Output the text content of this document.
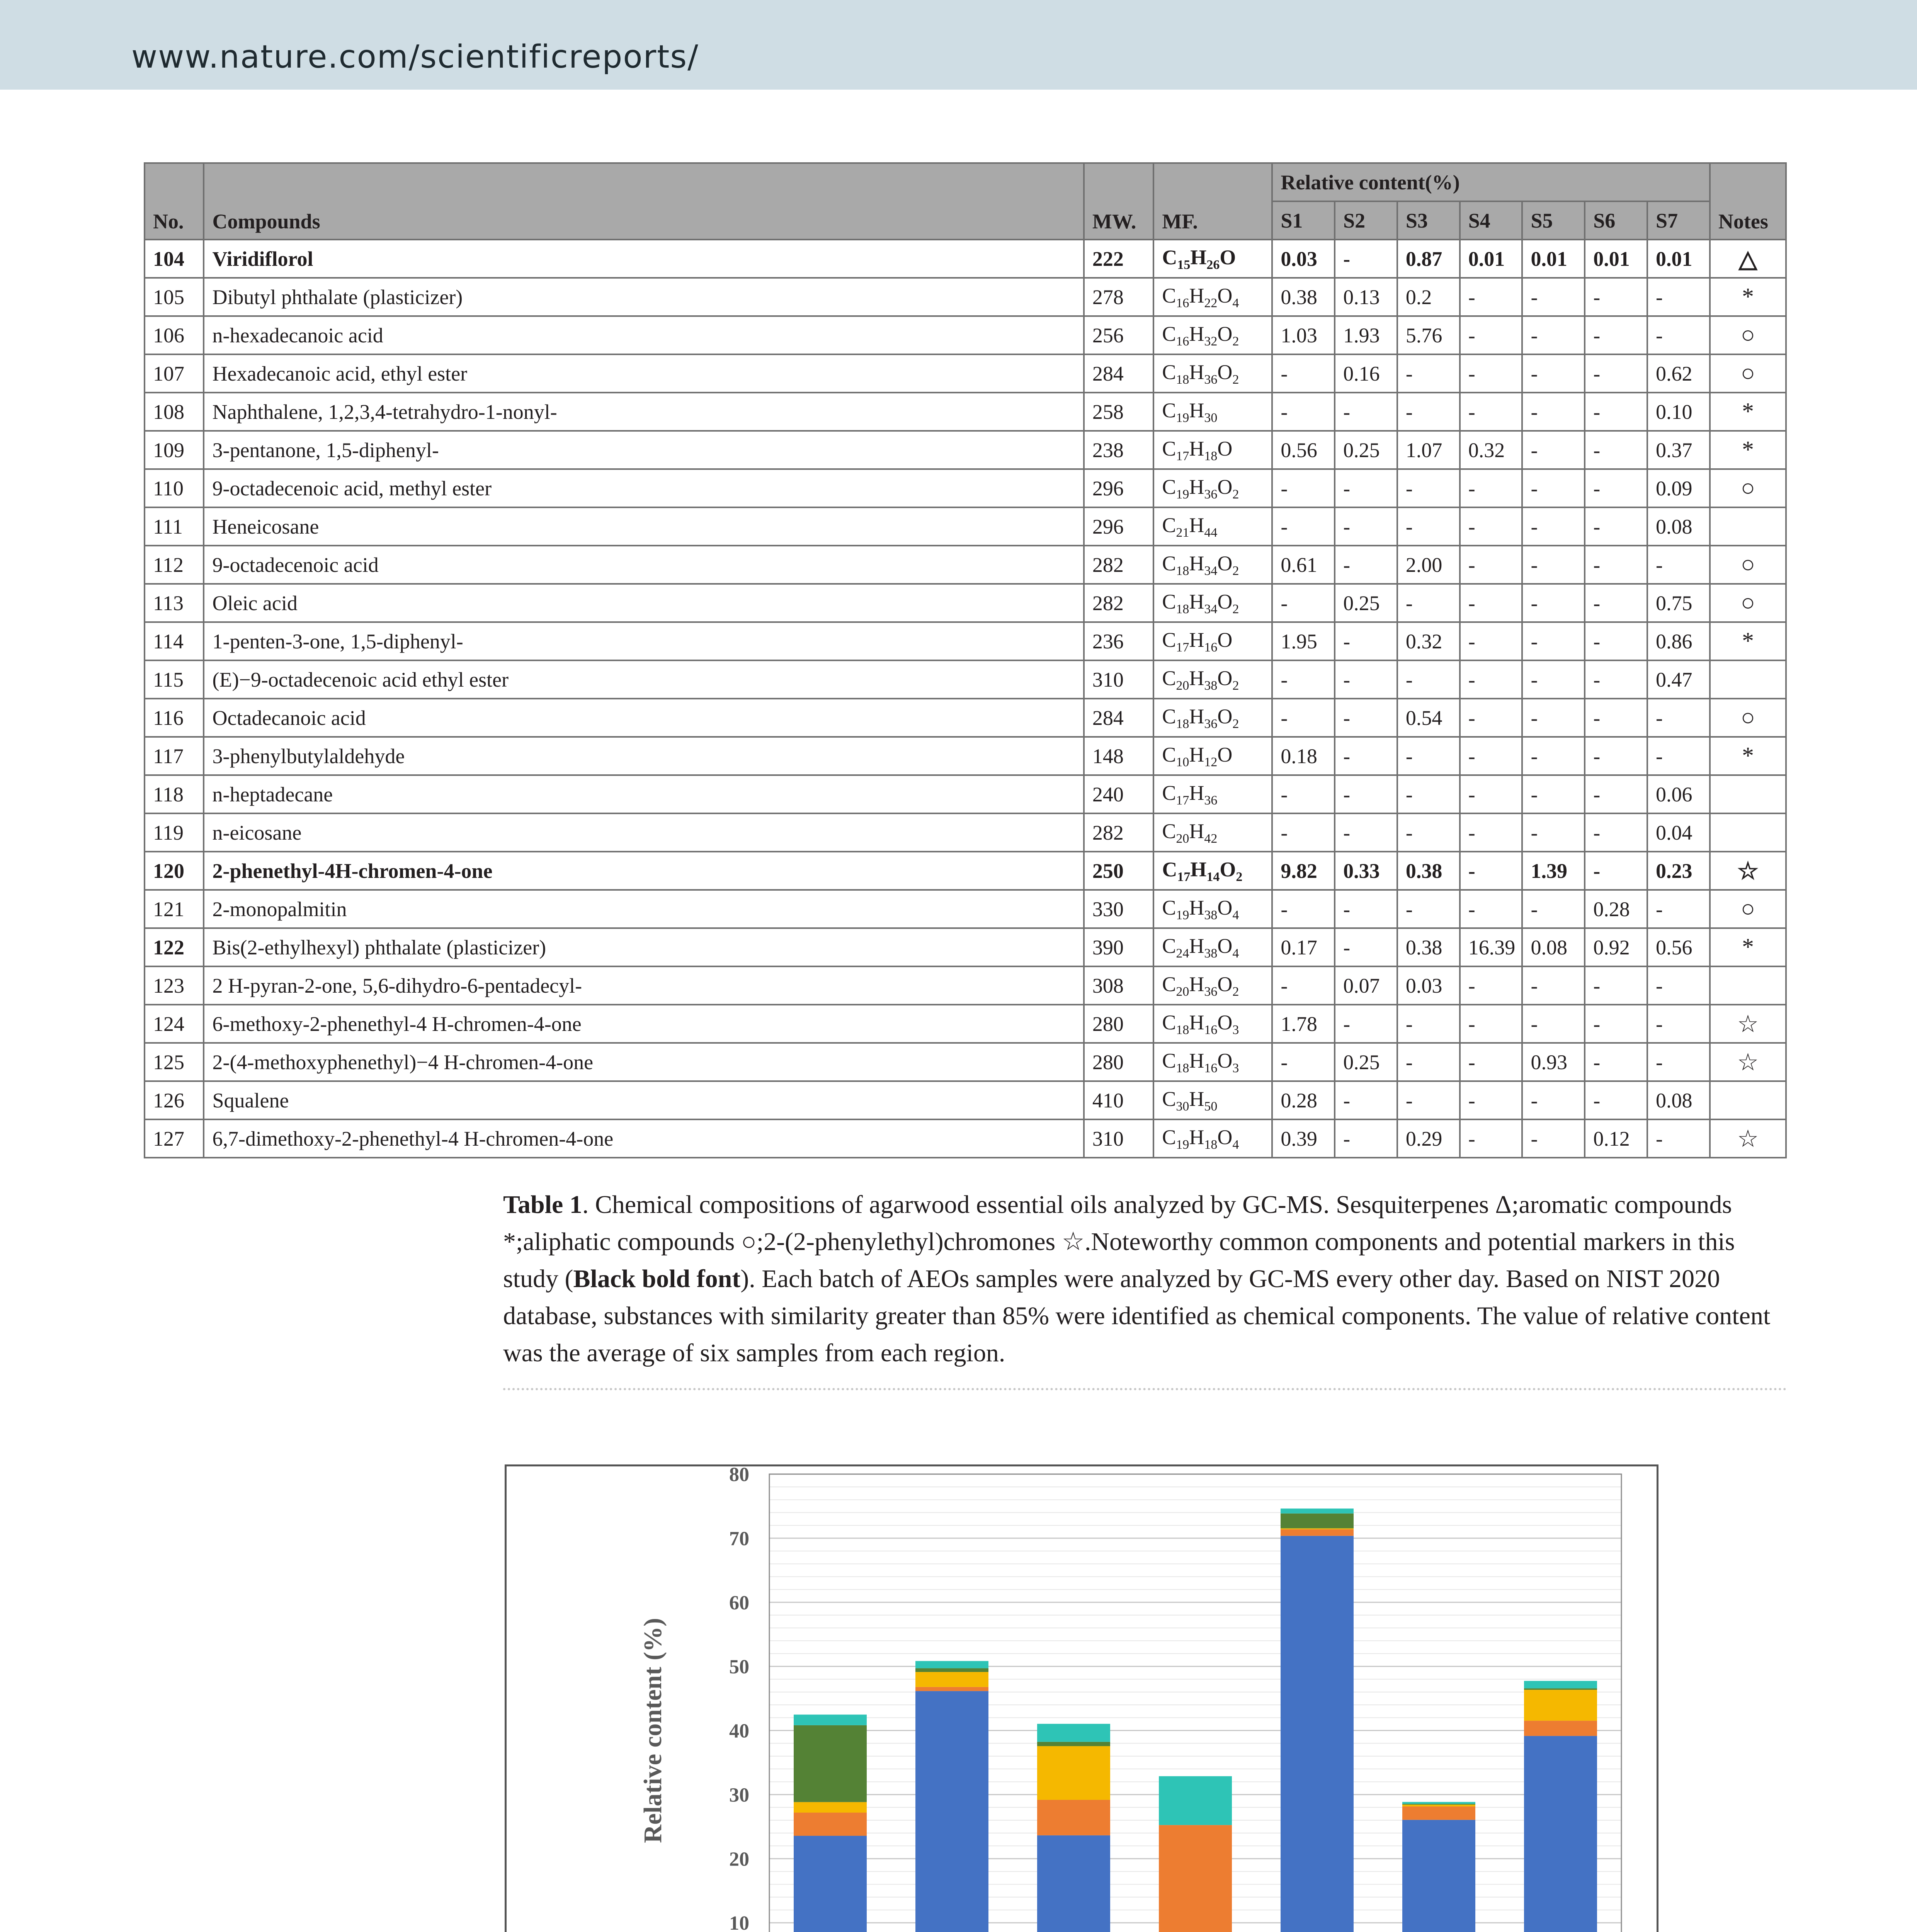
www.nature.com/scientificreports/
No.	Compounds	MW.	MF.	Relative content(%)							Notes
				S1	S2	S3	S4	S5	S6	S7	
104	Viridiflorol	222	$C_{15}H_{26}O$	0.03	-	0.87	0.01	0.01	0.01	0.01	△
105	Dibutyl phthalate (plasticizer)	278	$C_{16}H_{22}O_4$	0.38	0.13	0.2	-	-	-	-	*
106	n-hexadecanoic acid	256	$C_{16}H_{32}O_2$	1.03	1.93	5.76	-	-	-	-	○
107	Hexadecanoic acid, ethyl ester	284	$C_{18}H_{36}O_2$	-	0.16	-	-	-	-	0.62	○
108	Naphthalene, 1,2,3,4-tetrahydro-1-nonyl-	258	$C_{19}H_{30}$	-	-	-	-	-	-	0.10	*
109	3-pentanone, 1,5-diphenyl-	238	$C_{17}H_{18}O$	0.56	0.25	1.07	0.32	-	-	0.37	*
110	9-octadecenoic acid, methyl ester	296	$C_{19}H_{36}O_2$	-	-	-	-	-	-	0.09	○
111	Heneicosane	296	$C_{21}H_{44}$	-	-	-	-	-	-	0.08	
112	9-octadecenoic acid	282	$C_{18}H_{34}O_2$	0.61	-	2.00	-	-	-	-	○
113	Oleic acid	282	$C_{18}H_{34}O_2$	-	0.25	-	-	-	-	0.75	○
114	1-penten-3-one, 1,5-diphenyl-	236	$C_{17}H_{16}O$	1.95	-	0.32	-	-	-	0.86	*
115	(E)−9-octadecenoic acid ethyl ester	310	$C_{20}H_{38}O_2$	-	-	-	-	-	-	0.47	
116	Octadecanoic acid	284	$C_{18}H_{36}O_2$	-	-	0.54	-	-	-	-	○
117	3-phenylbutylaldehyde	148	$C_{10}H_{12}O$	0.18	-	-	-	-	-	-	*
118	n-heptadecane	240	$C_{17}H_{36}$	-	-	-	-	-	-	0.06	
119	n-eicosane	282	$C_{20}H_{42}$	-	-	-	-	-	-	0.04	
120	2-phenethyl-4H-chromen-4-one	250	$C_{17}H_{14}O_2$	9.82	0.33	0.38	-	1.39	-	0.23	☆
121	2-monopalmitin	330	$C_{19}H_{38}O_4$	-	-	-	-	-	0.28	-	○
122	Bis(2-ethylhexyl) phthalate (plasticizer)	390	$C_{24}H_{38}O_4$	0.17	-	0.38	16.39	0.08	0.92	0.56	*
123	2 H-pyran-2-one, 5,6-dihydro-6-pentadecyl-	308	$C_{20}H_{36}O_2$	-	0.07	0.03	-	-	-	-	
124	6-methoxy-2-phenethyl-4 H-chromen-4-one	280	$C_{18}H_{16}O_3$	1.78	-	-	-	-	-	-	☆
125	2-(4-methoxyphenethyl)−4 H-chromen-4-one	280	$C_{18}H_{16}O_3$	-	0.25	-	-	0.93	-	-	☆
126	Squalene	410	$C_{30}H_{50}$	0.28	-	-	-	-	-	0.08	
127	6,7-dimethoxy-2-phenethyl-4 H-chromen-4-one	310	$C_{19}H_{18}O_4$	0.39	-	0.29	-	-	0.12	-	☆
Table 1. Chemical compositions of agarwood essential oils analyzed by GC-MS. Sesquiterpenes Δ;aromatic compounds *;aliphatic compounds ○;2-(2-phenylethyl)chromones ☆.Noteworthy common components and potential markers in this study (Black bold font). Each batch of AEOs samples were analyzed by GC-MS every other day. Based on NIST 2020 database, substances with similarity greater than 85% were identified as chemical components. The value of relative content was the average of six samples from each region.
10
20
30
40
50
60
70
80
Relative content (%)
